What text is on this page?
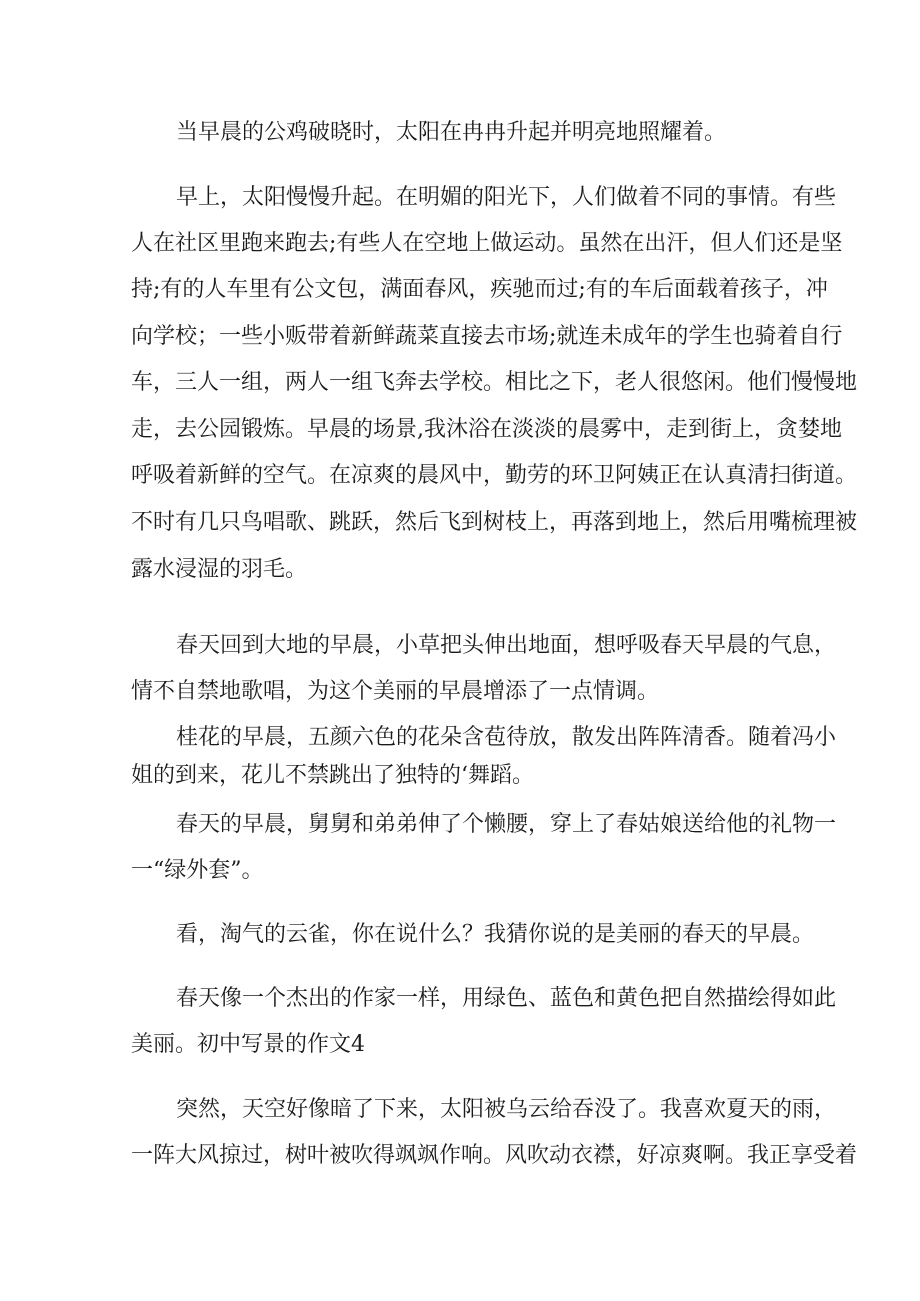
当早晨的公鸡破晓时，太阳在冉冉升起并明亮地照耀着。
早上，太阳慢慢升起。在明媚的阳光下，人们做着不同的事情。有些
人在社区里跑来跑去;有些人在空地上做运动。虽然在出汗，但人们还是坚
持;有的人车里有公文包，满面春风，疾驰而过;有的车后面载着孩子，冲
向学校；一些小贩带着新鲜蔬菜直接去市场;就连未成年的学生也骑着自行
车，三人一组，两人一组飞奔去学校。相比之下，老人很悠闲。他们慢慢地
走，去公园锻炼。早晨的场景,我沐浴在淡淡的晨雾中，走到街上，贪婪地
呼吸着新鲜的空气。在凉爽的晨风中，勤劳的环卫阿姨正在认真清扫街道。
不时有几只鸟唱歌、跳跃，然后飞到树枝上，再落到地上，然后用嘴梳理被
露水浸湿的羽毛。
春天回到大地的早晨，小草把头伸出地面，想呼吸春天早晨的气息，
情不自禁地歌唱，为这个美丽的早晨增添了一点情调。
桂花的早晨，五颜六色的花朵含苞待放，散发出阵阵清香。随着冯小
姐的到来，花儿不禁跳出了独特的‘舞蹈。
春天的早晨，舅舅和弟弟伸了个懒腰，穿上了春姑娘送给他的礼物一
一“绿外套”。
看，淘气的云雀，你在说什么？我猜你说的是美丽的春天的早晨。
春天像一个杰出的作家一样，用绿色、蓝色和黄色把自然描绘得如此
美丽。初中写景的作文4
突然，天空好像暗了下来，太阳被乌云给吞没了。我喜欢夏天的雨，
一阵大风掠过，树叶被吹得飒飒作响。风吹动衣襟，好凉爽啊。我正享受着
